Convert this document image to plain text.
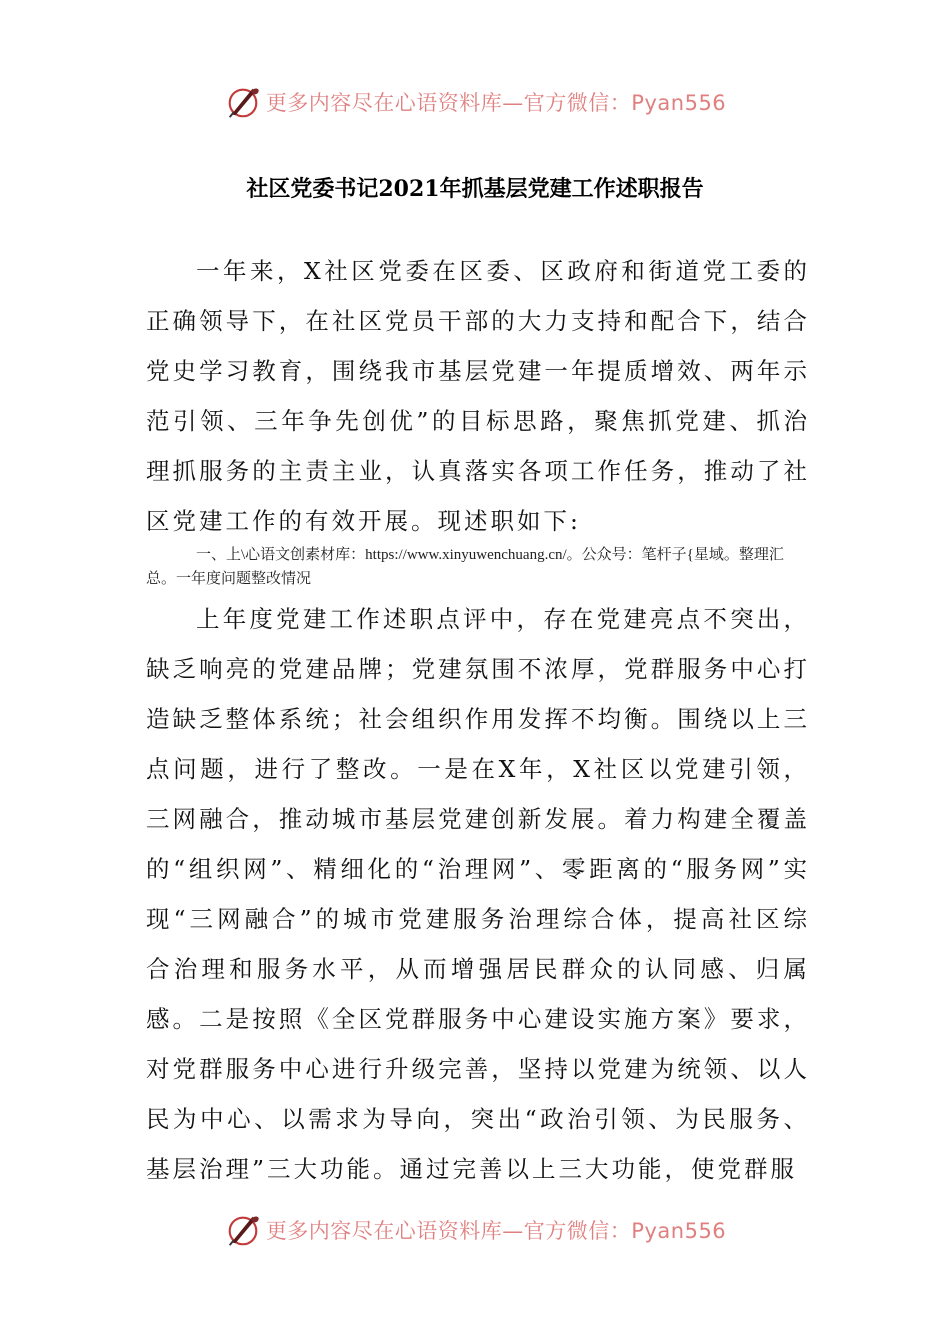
更多内容尽在心语资料库—官方微信：Pyan556
社区党委书记2021年抓基层党建工作述职报告

一年来，X社区党委在区委、区政府和街道党工委的正确领导下，在社区党员干部的大力支持和配合下，结合党史学习教育，围绕我市基层党建一年提质增效、两年示范引领、三年争先创优”的目标思路，聚焦抓党建、抓治理抓服务的主责主业，认真落实各项工作任务，推动了社区党建工作的有效开展。现述职如下:

一、上\心语文创素材库：https://www.xinyuwenchuang.cn/。公众号：笔杆子{星域。整理汇总。一年度问题整改情况

上年度党建工作述职点评中，存在党建亮点不突出，缺乏响亮的党建品牌；党建氛围不浓厚，党群服务中心打造缺乏整体系统；社会组织作用发挥不均衡。围绕以上三点问题，进行了整改。一是在X年，X社区以党建引领，三网融合，推动城市基层党建创新发展。着力构建全覆盖的“组织网”、精细化的“治理网”、零距离的“服务网”实现“三网融合”的城市党建服务治理综合体，提高社区综合治理和服务水平，从而增强居民群众的认同感、归属感。二是按照《全区党群服务中心建设实施方案》要求，对党群服务中心进行升级完善，坚持以党建为统领、以人民为中心、以需求为导向，突出“政治引领、为民服务、基层治理”三大功能。通过完善以上三大功能，使党群服

更多内容尽在心语资料库—官方微信：Pyan556
